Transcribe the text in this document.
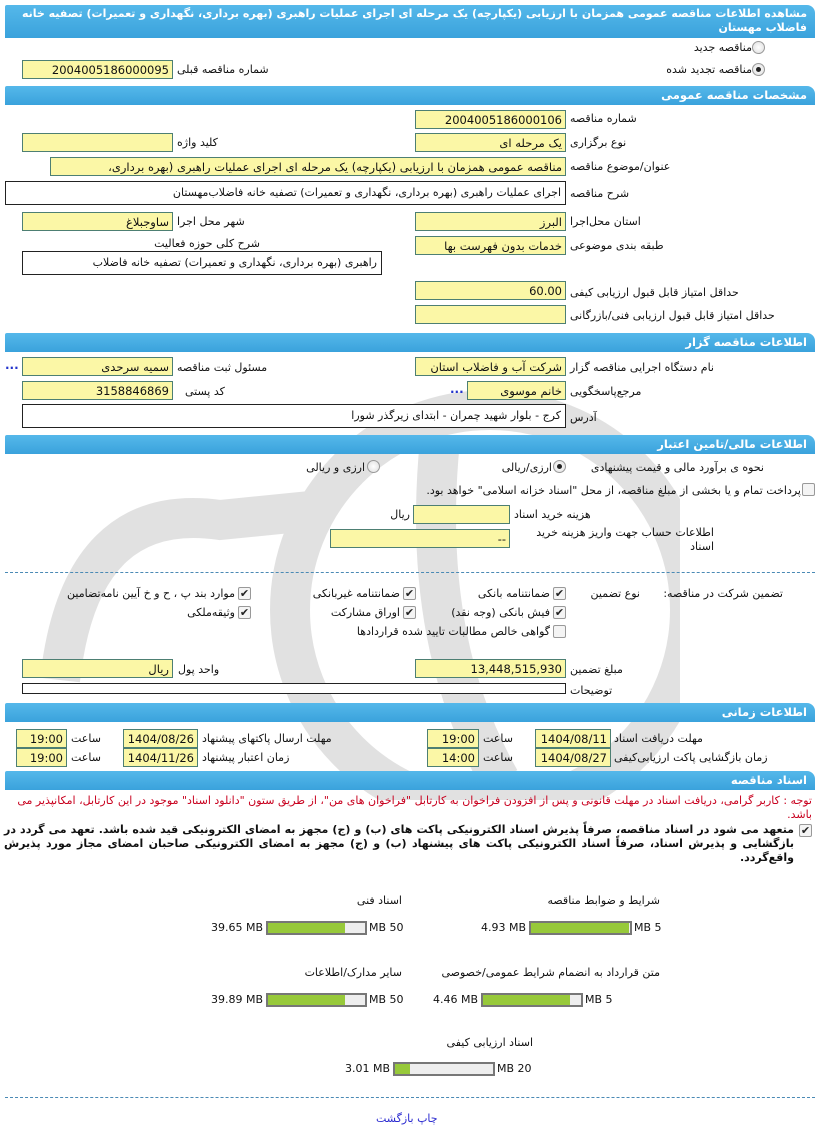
مشاهده اطلاعات مناقصه عمومی همزمان با ارزیابی (یکپارچه) یک مرحله ای اجرای عملیات راهبری (بهره برداری، نگهداری و تعمیرات) تصفیه خانه فاضلاب مهستان
مناقصه جدید
مناقصه تجدید شده
شماره مناقصه قبلی
2004005186000095
مشخصات مناقصه عمومی
شماره مناقصه
2004005186000106
نوع برگزاری
یک مرحله ای
کلید واژه
عنوان/موضوع مناقصه
مناقصه عمومی همزمان با ارزیابی (یکپارچه) یک مرحله ای اجرای عملیات راهبری (بهره برداری،
شرح مناقصه
اجرای عملیات راهبری (بهره برداری، نگهداری و تعمیرات) تصفیه خانه فاضلاب‌مهستان
استان محل‌اجرا
البرز
شهر محل اجرا
ساوجبلاغ
طبقه بندی موضوعی
خدمات بدون فهرست بها
شرح کلی حوزه فعالیت
راهبری (بهره برداری، نگهداری و تعمیرات) تصفیه خانه فاضلاب
حداقل امتیاز قابل قبول ارزیابی کیفی
60.00
حداقل امتیاز قابل قبول ارزیابی فنی/بازرگانی
اطلاعات مناقصه گزار
نام دستگاه اجرایی مناقصه گزار
شرکت آب و فاضلاب استان
مسئول ثبت مناقصه
سمیه سرحدی
...
مرجع‌پاسخگویی
خانم موسوی
...
کد پستی
3158846869
آدرس
کرج - بلوار شهید چمران - ابتدای زیرگذر شورا
اطلاعات مالی/تامین اعتبار
نحوه ی برآورد مالی و قیمت پیشنهادی
ارزی/ریالی
ارزی و ریالی
پرداخت تمام و یا بخشی از مبلغ مناقصه، از محل "اسناد خزانه اسلامی" خواهد بود.
هزینه خرید اسناد
ریال
اطلاعات حساب جهت واریز هزینه خرید اسناد
--
تضمین شرکت در مناقصه:
نوع تضمین
✔
ضمانتنامه بانکی
✔
ضمانتنامه غیربانکی
✔
موارد بند پ ، ح و خ آیین نامه‌تضامین
✔
فیش بانکی (وجه نقد)
✔
اوراق مشارکت
✔
وثیقه‌ملکی
گواهی خالص مطالبات تایید شده قراردادها
مبلغ تضمین
13,448,515,930
واحد پول
ریال
توضیحات
اطلاعات زمانی
مهلت دریافت اسناد
1404/08/11
ساعت
19:00
مهلت ارسال پاکتهای پیشنهاد
1404/08/26
ساعت
19:00
زمان بازگشایی پاکت ارزیابی‌کیفی
1404/08/27
ساعت
14:00
زمان اعتبار پیشنهاد
1404/11/26
ساعت
19:00
اسناد مناقصه
توجه : کاربر گرامی، دریافت اسناد در مهلت قانونی و پس از افزودن فراخوان به کارتابل "فراخوان های من"، از طریق ستون "دانلود اسناد" موجود در این کارتابل، امکانپذیر می باشد.
✔
متعهد می شود در اسناد مناقصه، صرفاً پذیرش اسناد الکترونیکی پاکت های (ب) و (ج) مجهز به امضای الکترونیکی قید شده باشد. تعهد می گردد در بازگشایی و پذیرش اسناد، صرفاً اسناد الکترونیکی پاکت های پیشنهاد (ب) و (ج) مجهز به امضای الکترونیکی صاحبان امضای مجاز مورد پذیرش واقع‌گردد.
شرایط و ضوابط مناقصه
5 MB
4.93 MB
اسناد فنی
50 MB
39.65 MB
متن قرارداد به انضمام شرایط عمومی/خصوصی
5 MB
4.46 MB
سایر مدارک/اطلاعات
50 MB
39.89 MB
اسناد ارزیابی کیفی
20 MB
3.01 MB
چاپ بازگشت
